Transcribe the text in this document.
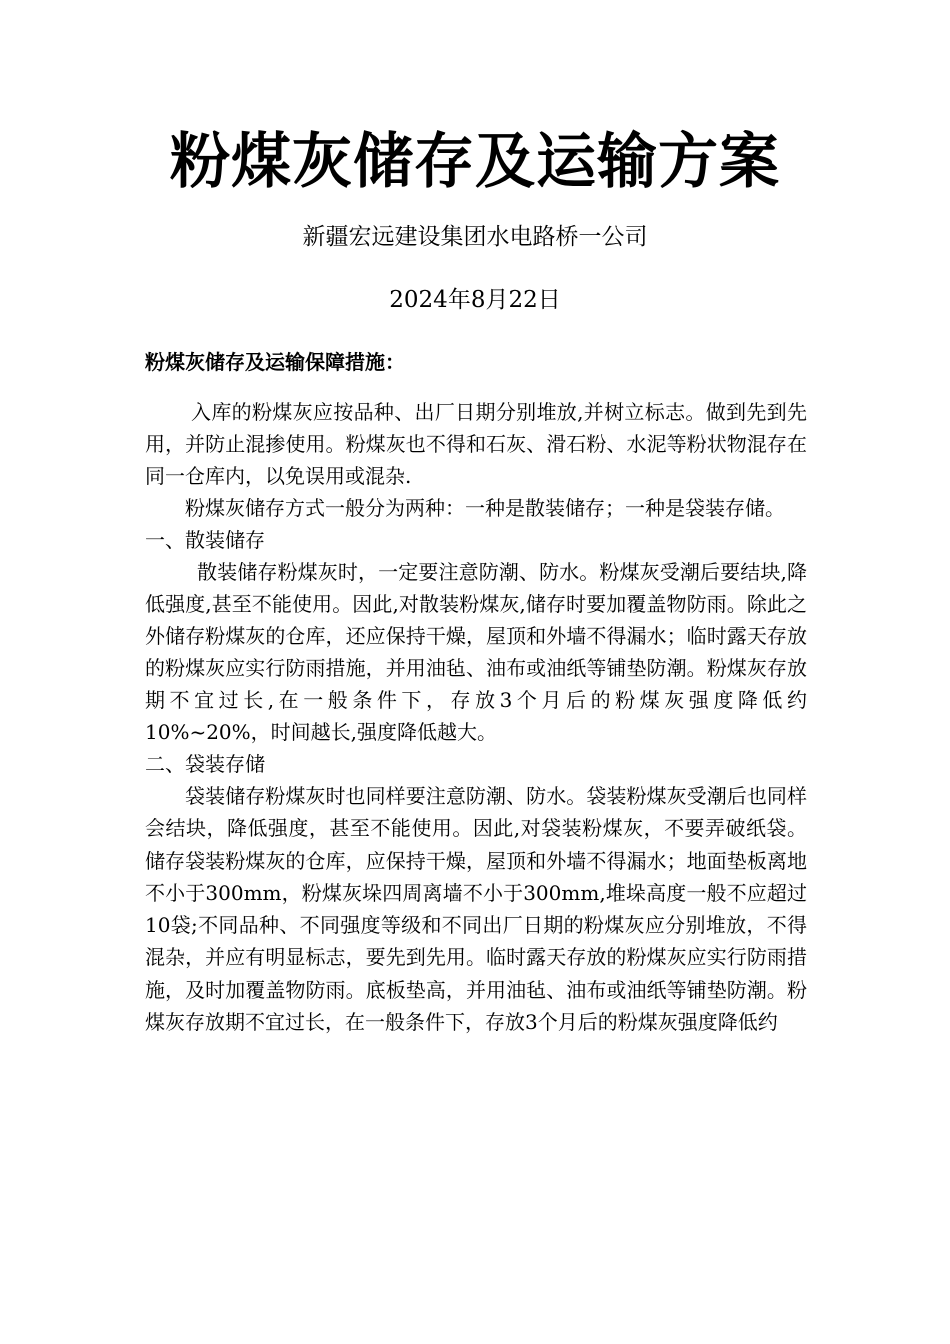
粉煤灰储存及运输方案
新疆宏远建设集团水电路桥一公司
2024年8月22日
粉煤灰储存及运输保障措施：

入库的粉煤灰应按品种、出厂日期分别堆放,并树立标志。做到先到先用，并防止混掺使用。粉煤灰也不得和石灰、滑石粉、水泥等粉状物混存在同一仓库内，以免误用或混杂.

粉煤灰储存方式一般分为两种：一种是散装储存；一种是袋装存储。

一、散装储存

散装储存粉煤灰时，一定要注意防潮、防水。粉煤灰受潮后要结块,降低强度,甚至不能使用。因此,对散装粉煤灰,储存时要加覆盖物防雨。除此之外储存粉煤灰的仓库，还应保持干燥，屋顶和外墙不得漏水；临时露天存放的粉煤灰应实行防雨措施，并用油毡、油布或油纸等铺垫防潮。粉煤灰存放期不宜过长,在一般条件下，存放3个月后的粉煤灰强度降低约10%~20%，时间越长,强度降低越大。

二、袋装存储

袋装储存粉煤灰时也同样要注意防潮、防水。袋装粉煤灰受潮后也同样会结块，降低强度，甚至不能使用。因此,对袋装粉煤灰，不要弄破纸袋。储存袋装粉煤灰的仓库，应保持干燥，屋顶和外墙不得漏水；地面垫板离地不小于300mm，粉煤灰垛四周离墙不小于300mm,堆垛高度一般不应超过10袋;不同品种、不同强度等级和不同出厂日期的粉煤灰应分别堆放，不得混杂，并应有明显标志，要先到先用。临时露天存放的粉煤灰应实行防雨措施，及时加覆盖物防雨。底板垫高，并用油毡、油布或油纸等铺垫防潮。粉煤灰存放期不宜过长，在一般条件下，存放3个月后的粉煤灰强度降低约
